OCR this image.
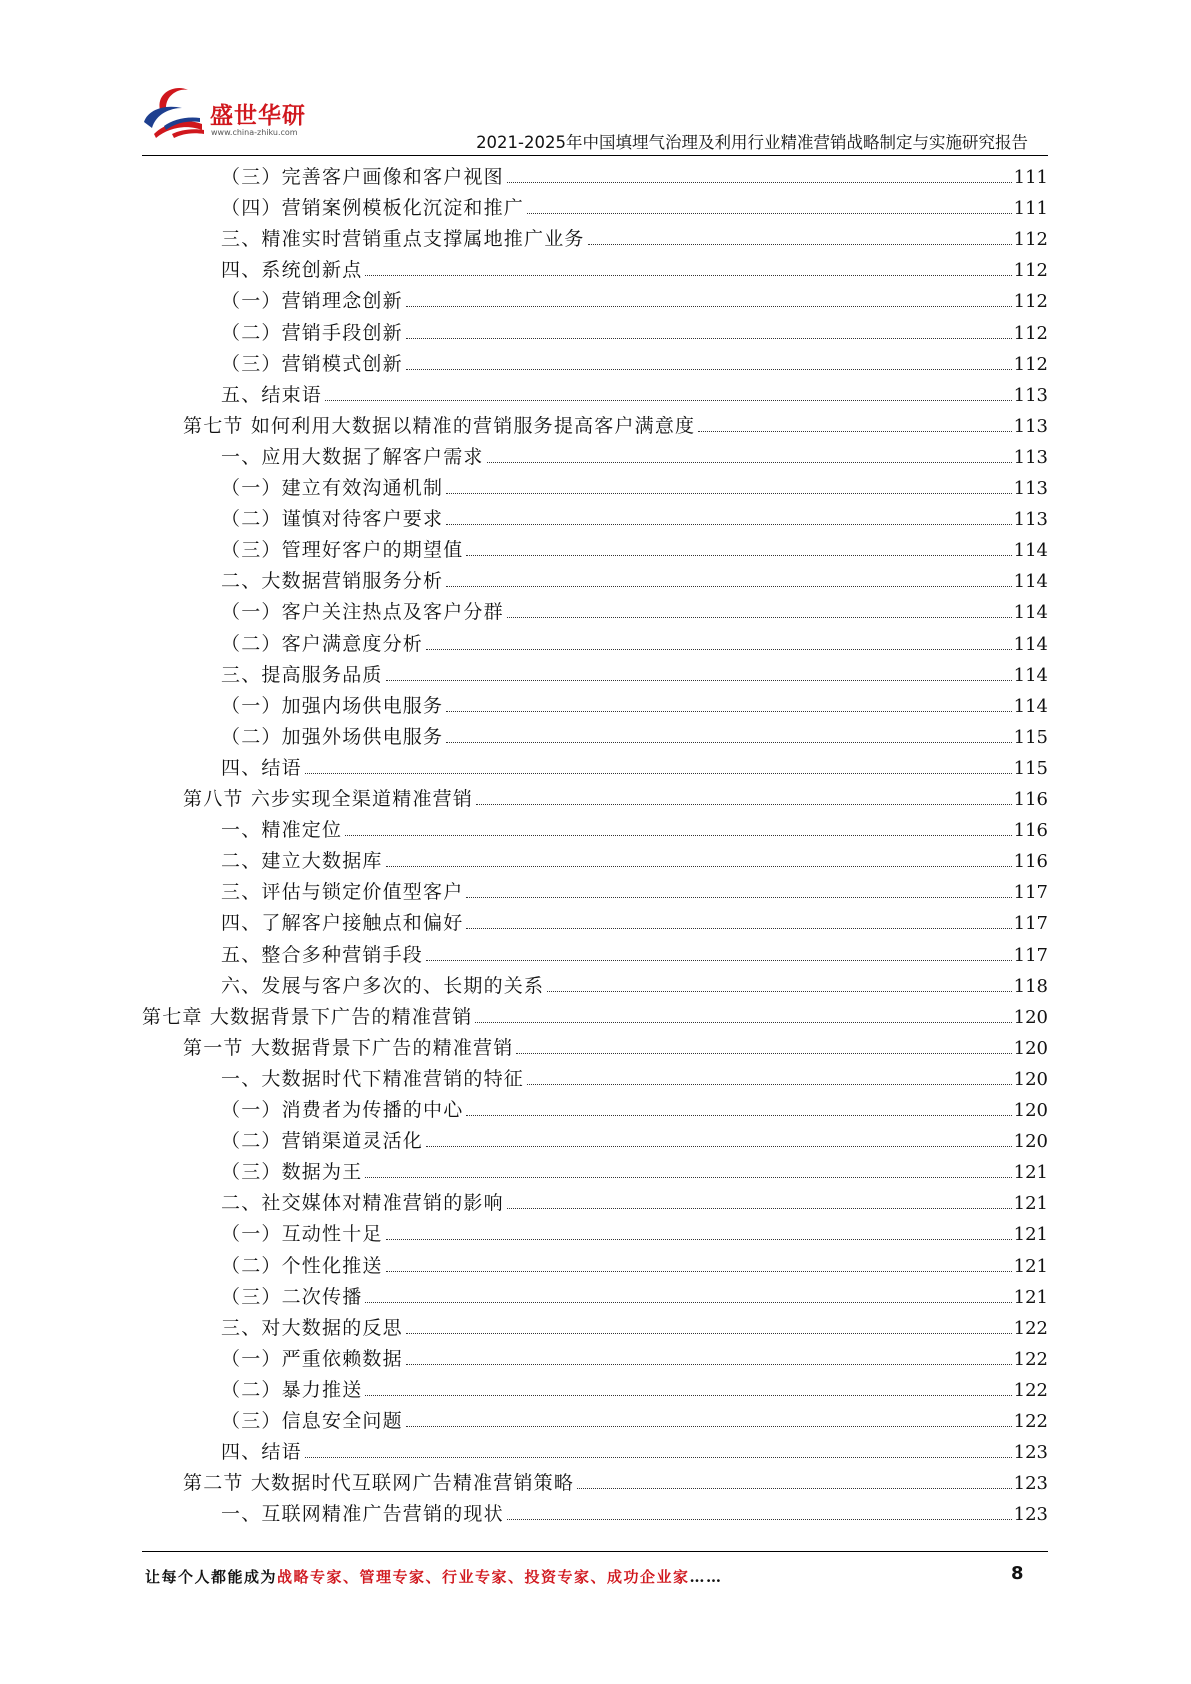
盛世华研
www.china-zhiku.com
2021-2025年中国填埋气治理及利用行业精准营销战略制定与实施研究报告
（三）完善客户画像和客户视图	111
（四）营销案例模板化沉淀和推广	111
三、精准实时营销重点支撑属地推广业务	112
四、系统创新点	112
（一）营销理念创新	112
（二）营销手段创新	112
（三）营销模式创新	112
五、结束语	113
第七节 如何利用大数据以精准的营销服务提高客户满意度	113
一、应用大数据了解客户需求	113
（一）建立有效沟通机制	113
（二）谨慎对待客户要求	113
（三）管理好客户的期望值	114
二、大数据营销服务分析	114
（一）客户关注热点及客户分群	114
（二）客户满意度分析	114
三、提高服务品质	114
（一）加强内场供电服务	114
（二）加强外场供电服务	115
四、结语	115
第八节 六步实现全渠道精准营销	116
一、精准定位	116
二、建立大数据库	116
三、评估与锁定价值型客户	117
四、了解客户接触点和偏好	117
五、整合多种营销手段	117
六、发展与客户多次的、长期的关系	118
第七章 大数据背景下广告的精准营销	120
第一节 大数据背景下广告的精准营销	120
一、大数据时代下精准营销的特征	120
（一）消费者为传播的中心	120
（二）营销渠道灵活化	120
（三）数据为王	121
二、社交媒体对精准营销的影响	121
（一）互动性十足	121
（二）个性化推送	121
（三）二次传播	121
三、对大数据的反思	122
（一）严重依赖数据	122
（二）暴力推送	122
（三）信息安全问题	122
四、结语	123
第二节 大数据时代互联网广告精准营销策略	123
一、互联网精准广告营销的现状	123
让每个人都能成为战略专家、管理专家、行业专家、投资专家、成功企业家……	8
